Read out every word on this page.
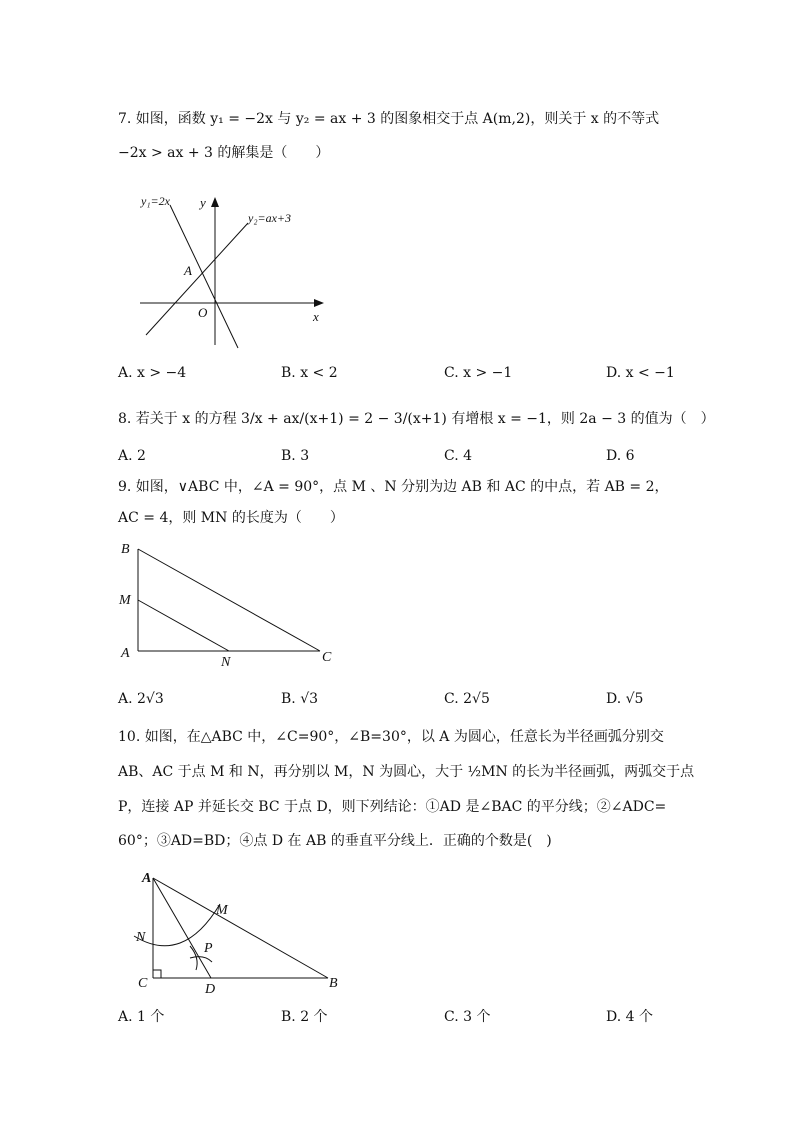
7. 如图，函数 y₁ = −2x 与 y₂ = ax + 3 的图象相交于点 A(m,2)，则关于 x 的不等式
−2x > ax + 3 的解集是（　　）
y₁=2x y
y₂=ax+3
A
O	x
A. x > −4	B. x < 2	C. x > −1	D. x < −1
8. 若关于 x 的方程 3/x + ax/(x+1) = 2 − 3/(x+1) 有增根 x = −1，则 2a − 3 的值为（　）
A. 2	B. 3	C. 4	D. 6
9. 如图，∨ABC 中，∠A = 90°，点 M 、N 分别为边 AB 和 AC 的中点，若 AB = 2，
AC = 4，则 MN 的长度为（　　）
B
M
A
N	C
A. 2√3	B. √3	C. 2√5	D. √5
10. 如图，在△ABC 中，∠C=90°，∠B=30°，以 A 为圆心，任意长为半径画弧分别交
AB、AC 于点 M 和 N，再分别以 M，N 为圆心，大于 ½MN 的长为半径画弧，两弧交于点
P，连接 AP 并延长交 BC 于点 D，则下列结论：①AD 是∠BAC 的平分线；②∠ADC=
60°；③AD=BD；④点 D 在 AB 的垂直平分线上．正确的个数是(　)
A
M
N
P
C	D	B
A. 1 个	B. 2 个	C. 3 个	D. 4 个
